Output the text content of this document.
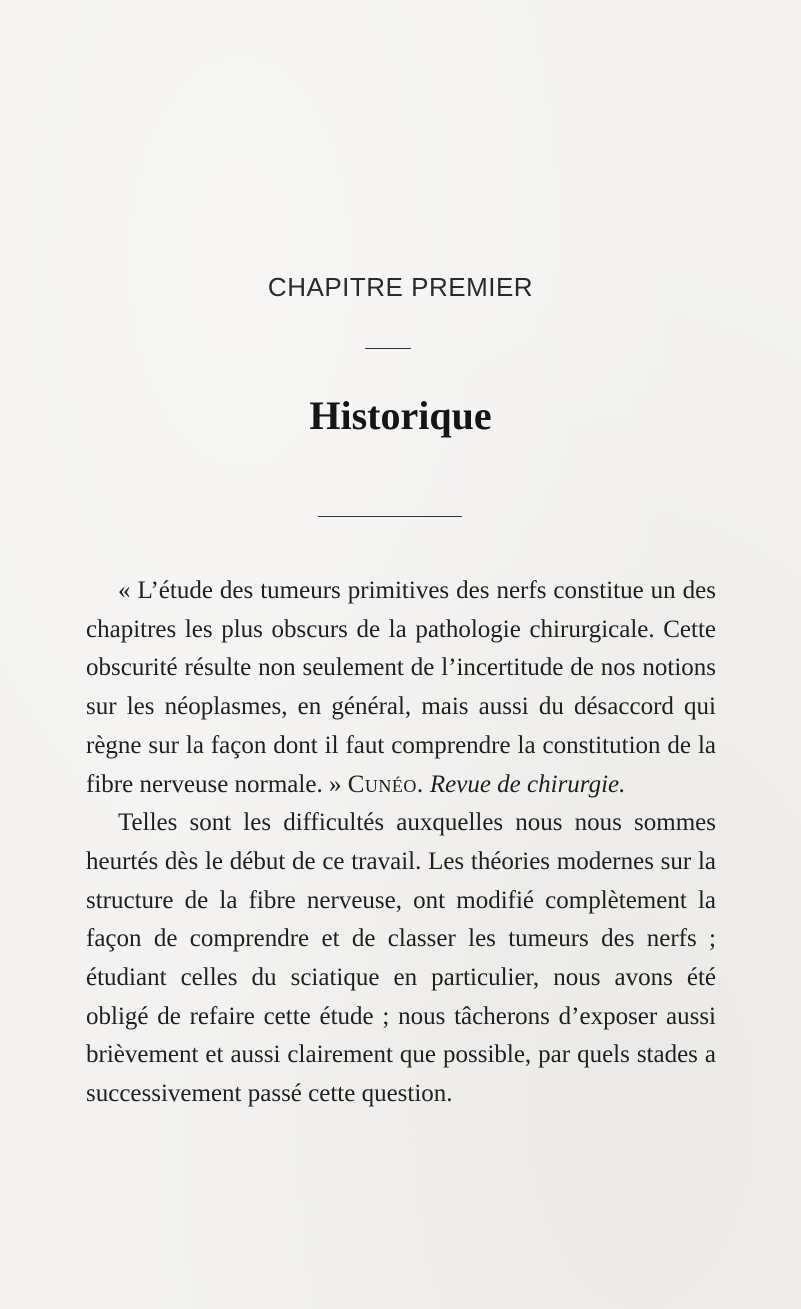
CHAPITRE PREMIER
Historique

« L’étude des tumeurs primitives des nerfs constitue un des chapitres les plus obscurs de la pathologie chirurgicale. Cette obscurité résulte non seulement de l’incertitude de nos notions sur les néoplasmes, en général, mais aussi du désaccord qui règne sur la façon dont il faut comprendre la constitution de la fibre nerveuse normale. » Cunéo. Revue de chirurgie.

Telles sont les difficultés auxquelles nous nous sommes heurtés dès le début de ce travail. Les théories modernes sur la structure de la fibre nerveuse, ont modifié complètement la façon de comprendre et de classer les tumeurs des nerfs ; étudiant celles du sciatique en particulier, nous avons été obligé de refaire cette étude ; nous tâcherons d’exposer aussi brièvement et aussi clairement que possible, par quels stades a successivement passé cette question.
